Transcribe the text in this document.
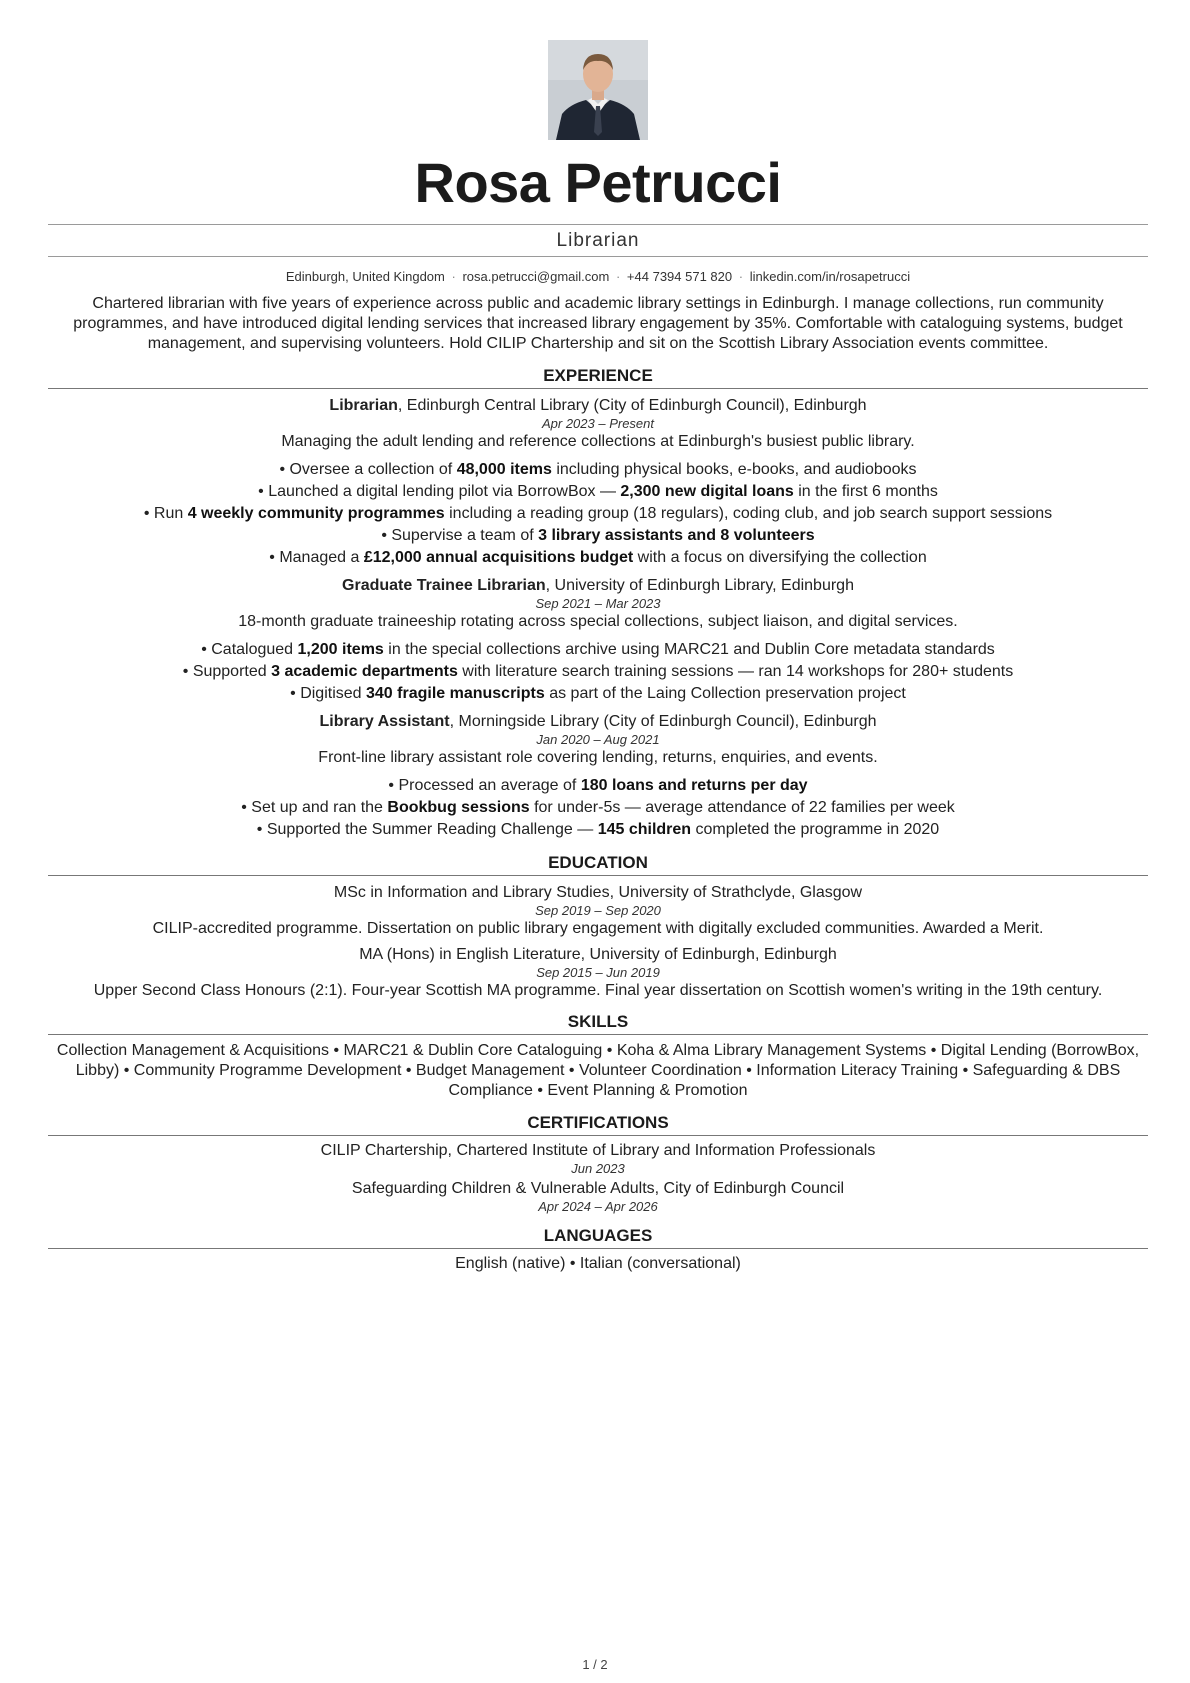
Rosa Petrucci
Librarian
Edinburgh, United Kingdom · rosa.petrucci@gmail.com · +44 7394 571 820 · linkedin.com/in/rosapetrucci
Chartered librarian with five years of experience across public and academic library settings in Edinburgh. I manage collections, run community programmes, and have introduced digital lending services that increased library engagement by 35%. Comfortable with cataloguing systems, budget management, and supervising volunteers. Hold CILIP Chartership and sit on the Scottish Library Association events committee.
EXPERIENCE
Librarian, Edinburgh Central Library (City of Edinburgh Council), Edinburgh
Apr 2023 – Present
Managing the adult lending and reference collections at Edinburgh's busiest public library.
• Oversee a collection of 48,000 items including physical books, e-books, and audiobooks
• Launched a digital lending pilot via BorrowBox — 2,300 new digital loans in the first 6 months
• Run 4 weekly community programmes including a reading group (18 regulars), coding club, and job search support sessions
• Supervise a team of 3 library assistants and 8 volunteers
• Managed a £12,000 annual acquisitions budget with a focus on diversifying the collection
Graduate Trainee Librarian, University of Edinburgh Library, Edinburgh
Sep 2021 – Mar 2023
18-month graduate traineeship rotating across special collections, subject liaison, and digital services.
• Catalogued 1,200 items in the special collections archive using MARC21 and Dublin Core metadata standards
• Supported 3 academic departments with literature search training sessions — ran 14 workshops for 280+ students
• Digitised 340 fragile manuscripts as part of the Laing Collection preservation project
Library Assistant, Morningside Library (City of Edinburgh Council), Edinburgh
Jan 2020 – Aug 2021
Front-line library assistant role covering lending, returns, enquiries, and events.
• Processed an average of 180 loans and returns per day
• Set up and ran the Bookbug sessions for under-5s — average attendance of 22 families per week
• Supported the Summer Reading Challenge — 145 children completed the programme in 2020
EDUCATION
MSc in Information and Library Studies, University of Strathclyde, Glasgow
Sep 2019 – Sep 2020
CILIP-accredited programme. Dissertation on public library engagement with digitally excluded communities. Awarded a Merit.
MA (Hons) in English Literature, University of Edinburgh, Edinburgh
Sep 2015 – Jun 2019
Upper Second Class Honours (2:1). Four-year Scottish MA programme. Final year dissertation on Scottish women's writing in the 19th century.
SKILLS
Collection Management & Acquisitions • MARC21 & Dublin Core Cataloguing • Koha & Alma Library Management Systems • Digital Lending (BorrowBox, Libby) • Community Programme Development • Budget Management • Volunteer Coordination • Information Literacy Training • Safeguarding & DBS Compliance • Event Planning & Promotion
CERTIFICATIONS
CILIP Chartership, Chartered Institute of Library and Information Professionals
Jun 2023
Safeguarding Children & Vulnerable Adults, City of Edinburgh Council
Apr 2024 – Apr 2026
LANGUAGES
English (native) • Italian (conversational)
1 / 2
